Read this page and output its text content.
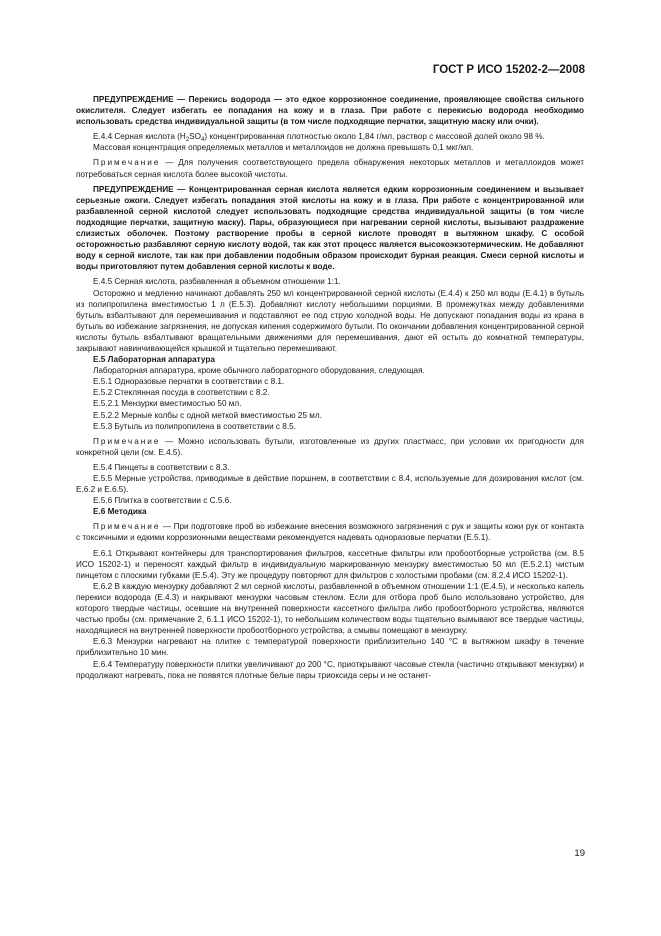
ГОСТ Р ИСО 15202-2—2008

ПРЕДУПРЕЖДЕНИЕ — Перекись водорода — это едкое коррозионное соединение, проявляющее свойства сильного окислителя. Следует избегать ее попадания на кожу и в глаза. При работе с перекисью водорода необходимо использовать средства индивидуальной защиты (в том числе подходящие перчатки, защитную маску или очки).

Е.4.4 Серная кислота $(H_2SO_4)$ концентрированная плотностью около 1,84 г/мл, раствор с массовой долей около 98 %.

Массовая концентрация определяемых металлов и металлоидов не должна превышать 0,1 мкг/мл.

Примечание — Для получения соответствующего предела обнаружения некоторых металлов и металлоидов может потребоваться серная кислота более высокой чистоты.

ПРЕДУПРЕЖДЕНИЕ — Концентрированная серная кислота является едким коррозионным соединением и вызывает серьезные ожоги. Следует избегать попадания этой кислоты на кожу и в глаза. При работе с концентрированной или разбавленной серной кислотой следует использовать подходящие средства индивидуальной защиты (в том числе подходящие перчатки, защитную маску). Пары, образующиеся при нагревании серной кислоты, вызывают раздражение слизистых оболочек. Поэтому растворение пробы в серной кислоте проводят в вытяжном шкафу. С особой осторожностью разбавляют серную кислоту водой, так как этот процесс является высокоэкзотермическим. Не добавляют воду к серной кислоте, так как при добавлении подобным образом происходит бурная реакция. Смеси серной кислоты и воды приготовляют путем добавления серной кислоты к воде.

Е.4.5 Серная кислота, разбавленная в объемном отношении 1:1.

Осторожно и медленно начинают добавлять 250 мл концентрированной серной кислоты (Е.4.4) к 250 мл воды (Е.4.1) в бутыль из полипропилена вместимостью 1 л (Е.5.3). Добавляют кислоту небольшими порциями. В промежутках между добавлениями бутыль взбалтывают для перемешивания и подставляют ее под струю холодной воды. Не допускают попадания воды из крана в бутыль во избежание загрязнения, не допуская кипения содержимого бутыли. По окончании добавления концентрированной серной кислоты бутыль взбалтывают вращательными движениями для перемешивания, дают ей остыть до комнатной температуры, закрывают навинчивающейся крышкой и тщательно перемешивают.

Е.5 Лабораторная аппаратура

Лабораторная аппаратура, кроме обычного лабораторного оборудования, следующая.

Е.5.1 Одноразовые перчатки в соответствии с 8.1.

Е.5.2 Стеклянная посуда в соответствии с 8.2.

Е.5.2.1 Мензурки вместимостью 50 мл.

Е.5.2.2 Мерные колбы с одной меткой вместимостью 25 мл.

Е.5.3 Бутыль из полипропилена в соответствии с 8.5.

Примечание — Можно использовать бутыли, изготовленные из других пластмасс, при условии их пригодности для конкретной цели (см. Е.4.5).

Е.5.4 Пинцеты в соответствии с 8.3.

Е.5.5 Мерные устройства, приводимые в действие поршнем, в соответствии с 8.4, используемые для дозирования кислот (см. Е.6.2 и Е.6.5).

Е.5.6 Плитка в соответствии с С.5.6.

Е.6 Методика

Примечание — При подготовке проб во избежание внесения возможного загрязнения с рук и защиты кожи рук от контакта с токсичными и едкими коррозионными веществами рекомендуется надевать одноразовые перчатки (Е.5.1).

Е.6.1 Открывают контейнеры для транспортирования фильтров, кассетные фильтры или пробоотборные устройства (см. 8.5 ИСО 15202-1) и переносят каждый фильтр в индивидуальную маркированную мензурку вместимостью 50 мл (Е.5.2.1) чистым пинцетом с плоскими губками (Е.5.4). Эту же процедуру повторяют для фильтров с холостыми пробами (см. 8.2.4 ИСО 15202-1).

Е.6.2 В каждую мензурку добавляют 2 мл серной кислоты, разбавленной в объемном отношении 1:1 (Е.4.5), и несколько капель перекиси водорода (Е.4.3) и накрывают мензурки часовым стеклом. Если для отбора проб было использовано устройство, для которого твердые частицы, осевшие на внутренней поверхности кассетного фильтра либо пробоотборного устройства, являются частью пробы (см. примечание 2, 6.1.1 ИСО 15202-1), то небольшим количеством воды тщательно вымывают все твердые частицы, находящиеся на внутренней поверхности пробоотборного устройства, а смывы помещают в мензурку.

Е.6.3 Мензурки нагревают на плитке с температурой поверхности приблизительно 140 °С в вытяжном шкафу в течение приблизительно 10 мин.

Е.6.4 Температуру поверхности плитки увеличивают до 200 °С, приоткрывают часовые стекла (частично открывают мензурки) и продолжают нагревать, пока не появятся плотные белые пары триоксида серы и не останет-

19
